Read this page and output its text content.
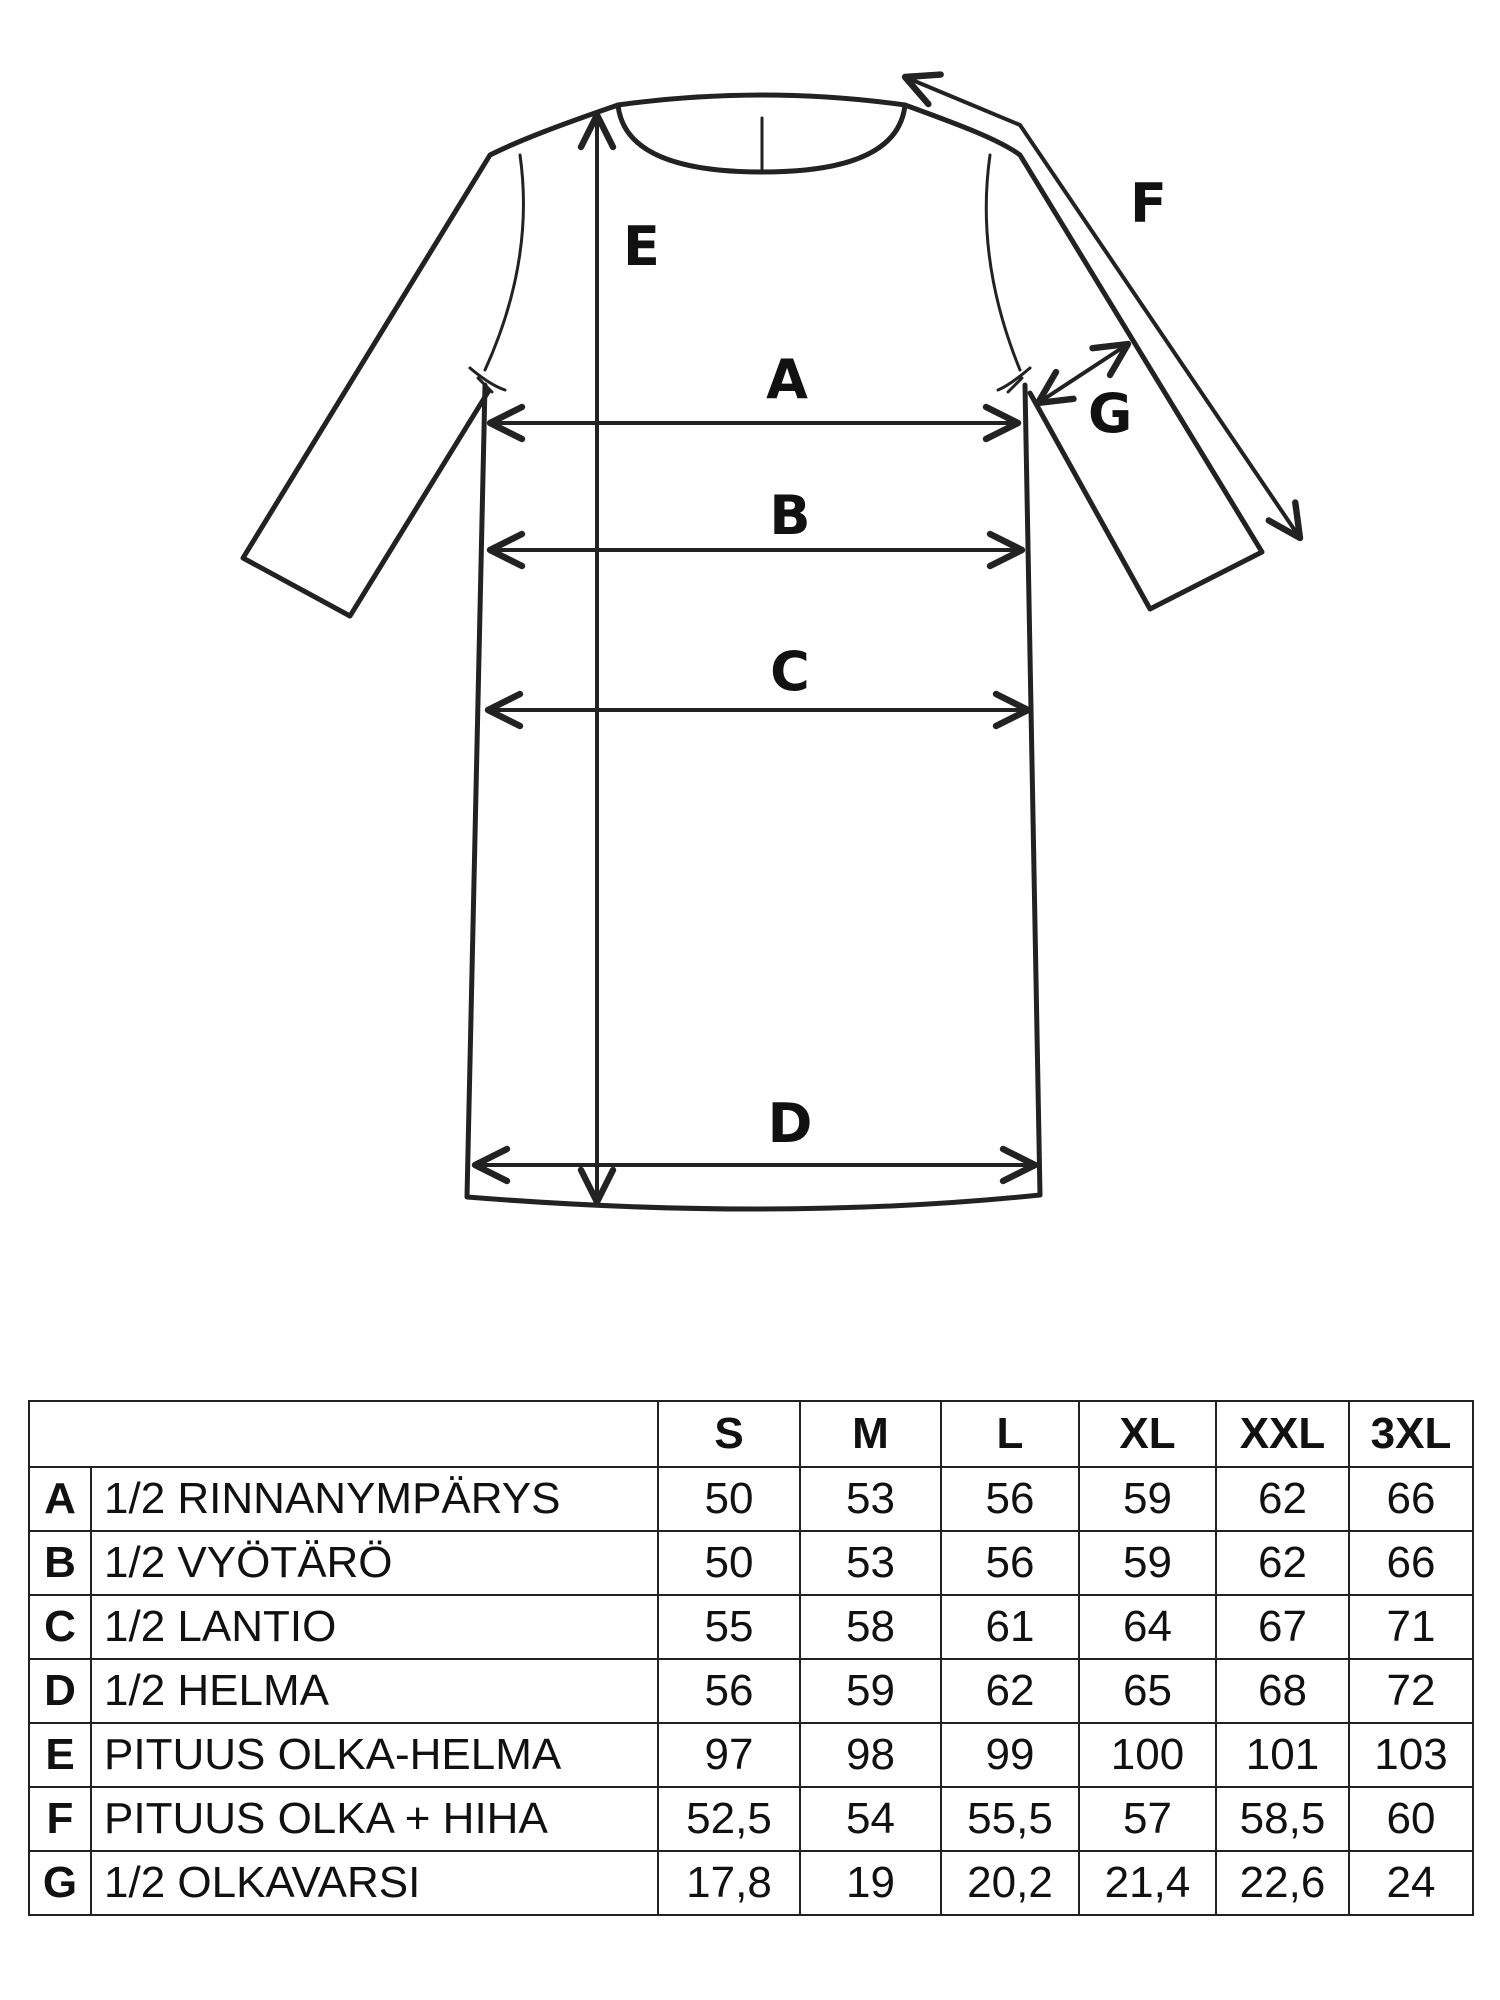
A
B
C
D
E
F
G
		S	M	L	XL	XXL	3XL
A	1/2 RINNANYMPÄRYS	50	53	56	59	62	66
B	1/2 VYÖTÄRÖ	50	53	56	59	62	66
C	1/2 LANTIO	55	58	61	64	67	71
D	1/2 HELMA	56	59	62	65	68	72
E	PITUUS OLKA-HELMA	97	98	99	100	101	103
F	PITUUS OLKA + HIHA	52,5	54	55,5	57	58,5	60
G	1/2 OLKAVARSI	17,8	19	20,2	21,4	22,6	24
